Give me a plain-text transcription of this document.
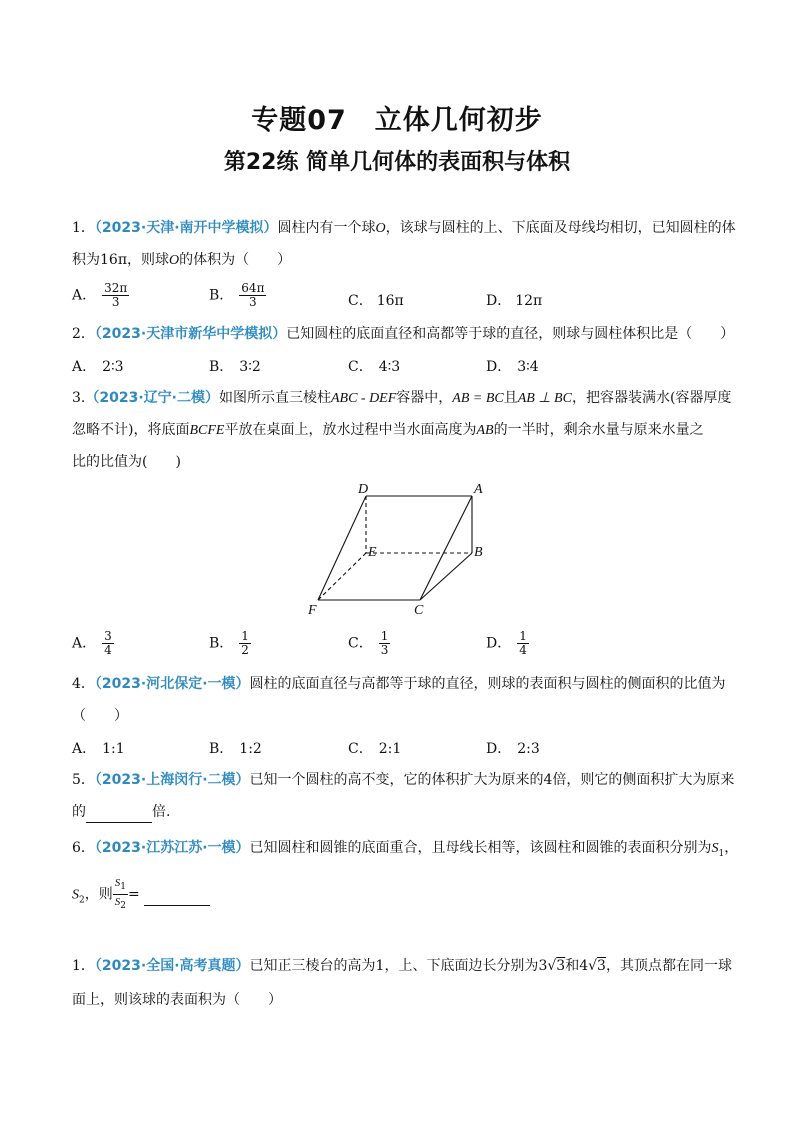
专题07　立体几何初步
第22练 简单几何体的表面积与体积
1．（2023·天津·南开中学模拟）圆柱内有一个球O，该球与圆柱的上、下底面及母线均相切，已知圆柱的体
积为16π，则球O的体积为（　　）
A． $\frac{32\pi}{3}$	B． $\frac{64\pi}{3}$	C． 16π	D． 12π
2．（2023·天津市新华中学模拟）已知圆柱的底面直径和高都等于球的直径，则球与圆柱体积比是（　　）
A． 2∶3	B． 3∶2	C． 4∶3	D． 3∶4
3.（2023·辽宁·二模）如图所示直三棱柱ABC - DEF容器中，AB = BC且AB ⊥ BC，把容器装满水(容器厚度
忽略不计)，将底面BCFE平放在桌面上，放水过程中当水面高度为AB的一半时，剩余水量与原来水量之
比的比值为(　　)
D	A
E	B
F	C
A． $\frac{3}{4}$	B． $\frac{1}{2}$	C． $\frac{1}{3}$	D． $\frac{1}{4}$
4．（2023·河北保定·一模）圆柱的底面直径与高都等于球的直径，则球的表面积与圆柱的侧面积的比值为
（　　）
A． 1:1	B． 1:2	C． 2:1	D． 2:3
5．（2023·上海闵行·二模）已知一个圆柱的高不变，它的体积扩大为原来的4倍，则它的侧面积扩大为原来
的	倍.
6．（2023·江苏江苏·一模）已知圆柱和圆锥的底面重合，且母线长相等，该圆柱和圆锥的表面积分别为$S_1$，
$S_2$，则 $\frac{S_1}{S_2}$ =
1．（2023·全国·高考真题）已知正三棱台的高为1，上、下底面边长分别为3√3和4√3，其顶点都在同一球
面上，则该球的表面积为（　　）
